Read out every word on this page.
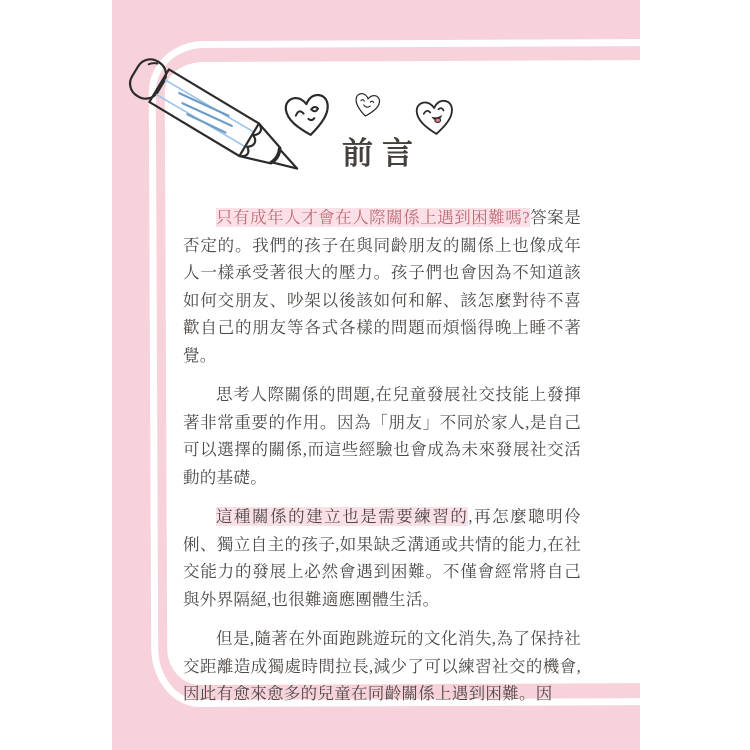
前言

只有成年人才會在人際關係上遇到困難嗎?答案是否定的。我們的孩子在與同齡朋友的關係上也像成年人一樣承受著很大的壓力。孩子們也會因為不知道該如何交朋友、吵架以後該如何和解、該怎麼對待不喜歡自己的朋友等各式各樣的問題而煩惱得晚上睡不著覺。

思考人際關係的問題,在兒童發展社交技能上發揮著非常重要的作用。因為「朋友」不同於家人,是自己可以選擇的關係,而這些經驗也會成為未來發展社交活動的基礎。

這種關係的建立也是需要練習的,再怎麼聰明伶俐、獨立自主的孩子,如果缺乏溝通或共情的能力,在社交能力的發展上必然會遇到困難。不僅會經常將自己與外界隔絕,也很難適應團體生活。

但是,隨著在外面跑跳遊玩的文化消失,為了保持社交距離造成獨處時間拉長,減少了可以練習社交的機會,因此有愈來愈多的兒童在同齡關係上遇到困難。因
